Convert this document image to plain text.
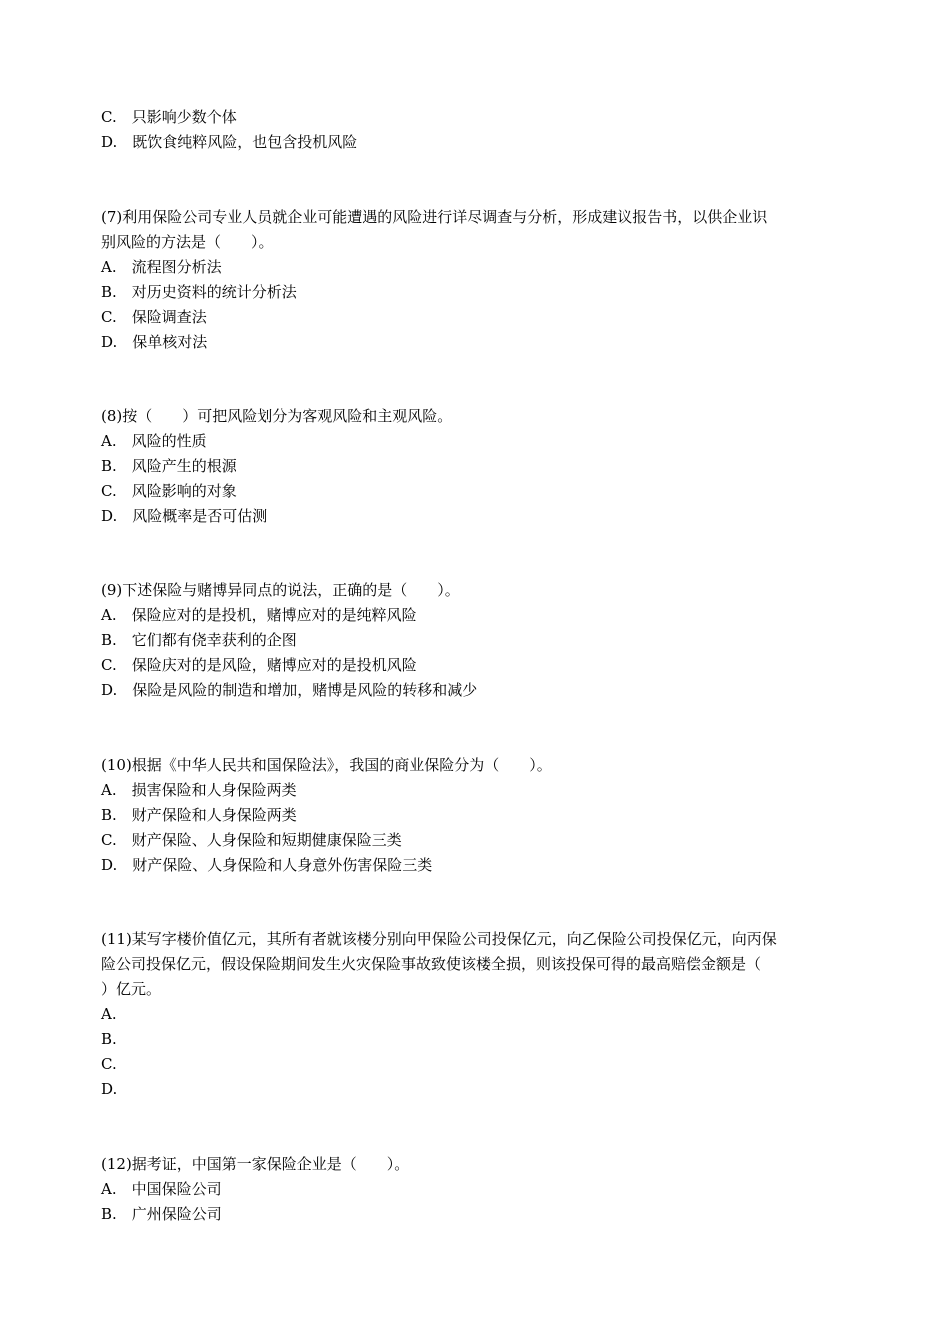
C.　只影响少数个体
D.　既饮食纯粹风险，也包含投机风险
(7)利用保险公司专业人员就企业可能遭遇的风险进行详尽调查与分析，形成建议报告书，以供企业识
别风险的方法是（　　）。
A.　流程图分析法
B.　对历史资料的统计分析法
C.　保险调查法
D.　保单核对法
(8)按（　　）可把风险划分为客观风险和主观风险。
A.　风险的性质
B.　风险产生的根源
C.　风险影响的对象
D.　风险概率是否可估测
(9)下述保险与赌博异同点的说法，正确的是（　　）。
A.　保险应对的是投机，赌博应对的是纯粹风险
B.　它们都有侥幸获利的企图
C.　保险庆对的是风险，赌博应对的是投机风险
D.　保险是风险的制造和增加，赌博是风险的转移和减少
(10)根据《中华人民共和国保险法》，我国的商业保险分为（　　）。
A.　损害保险和人身保险两类
B.　财产保险和人身保险两类
C.　财产保险、人身保险和短期健康保险三类
D.　财产保险、人身保险和人身意外伤害保险三类
(11)某写字楼价值亿元，其所有者就该楼分别向甲保险公司投保亿元，向乙保险公司投保亿元，向丙保
险公司投保亿元，假设保险期间发生火灾保险事故致使该楼全损，则该投保可得的最高赔偿金额是（
）亿元。
A.
B.
C.
D.
(12)据考证，中国第一家保险企业是（　　）。
A.　中国保险公司
B.　广州保险公司
